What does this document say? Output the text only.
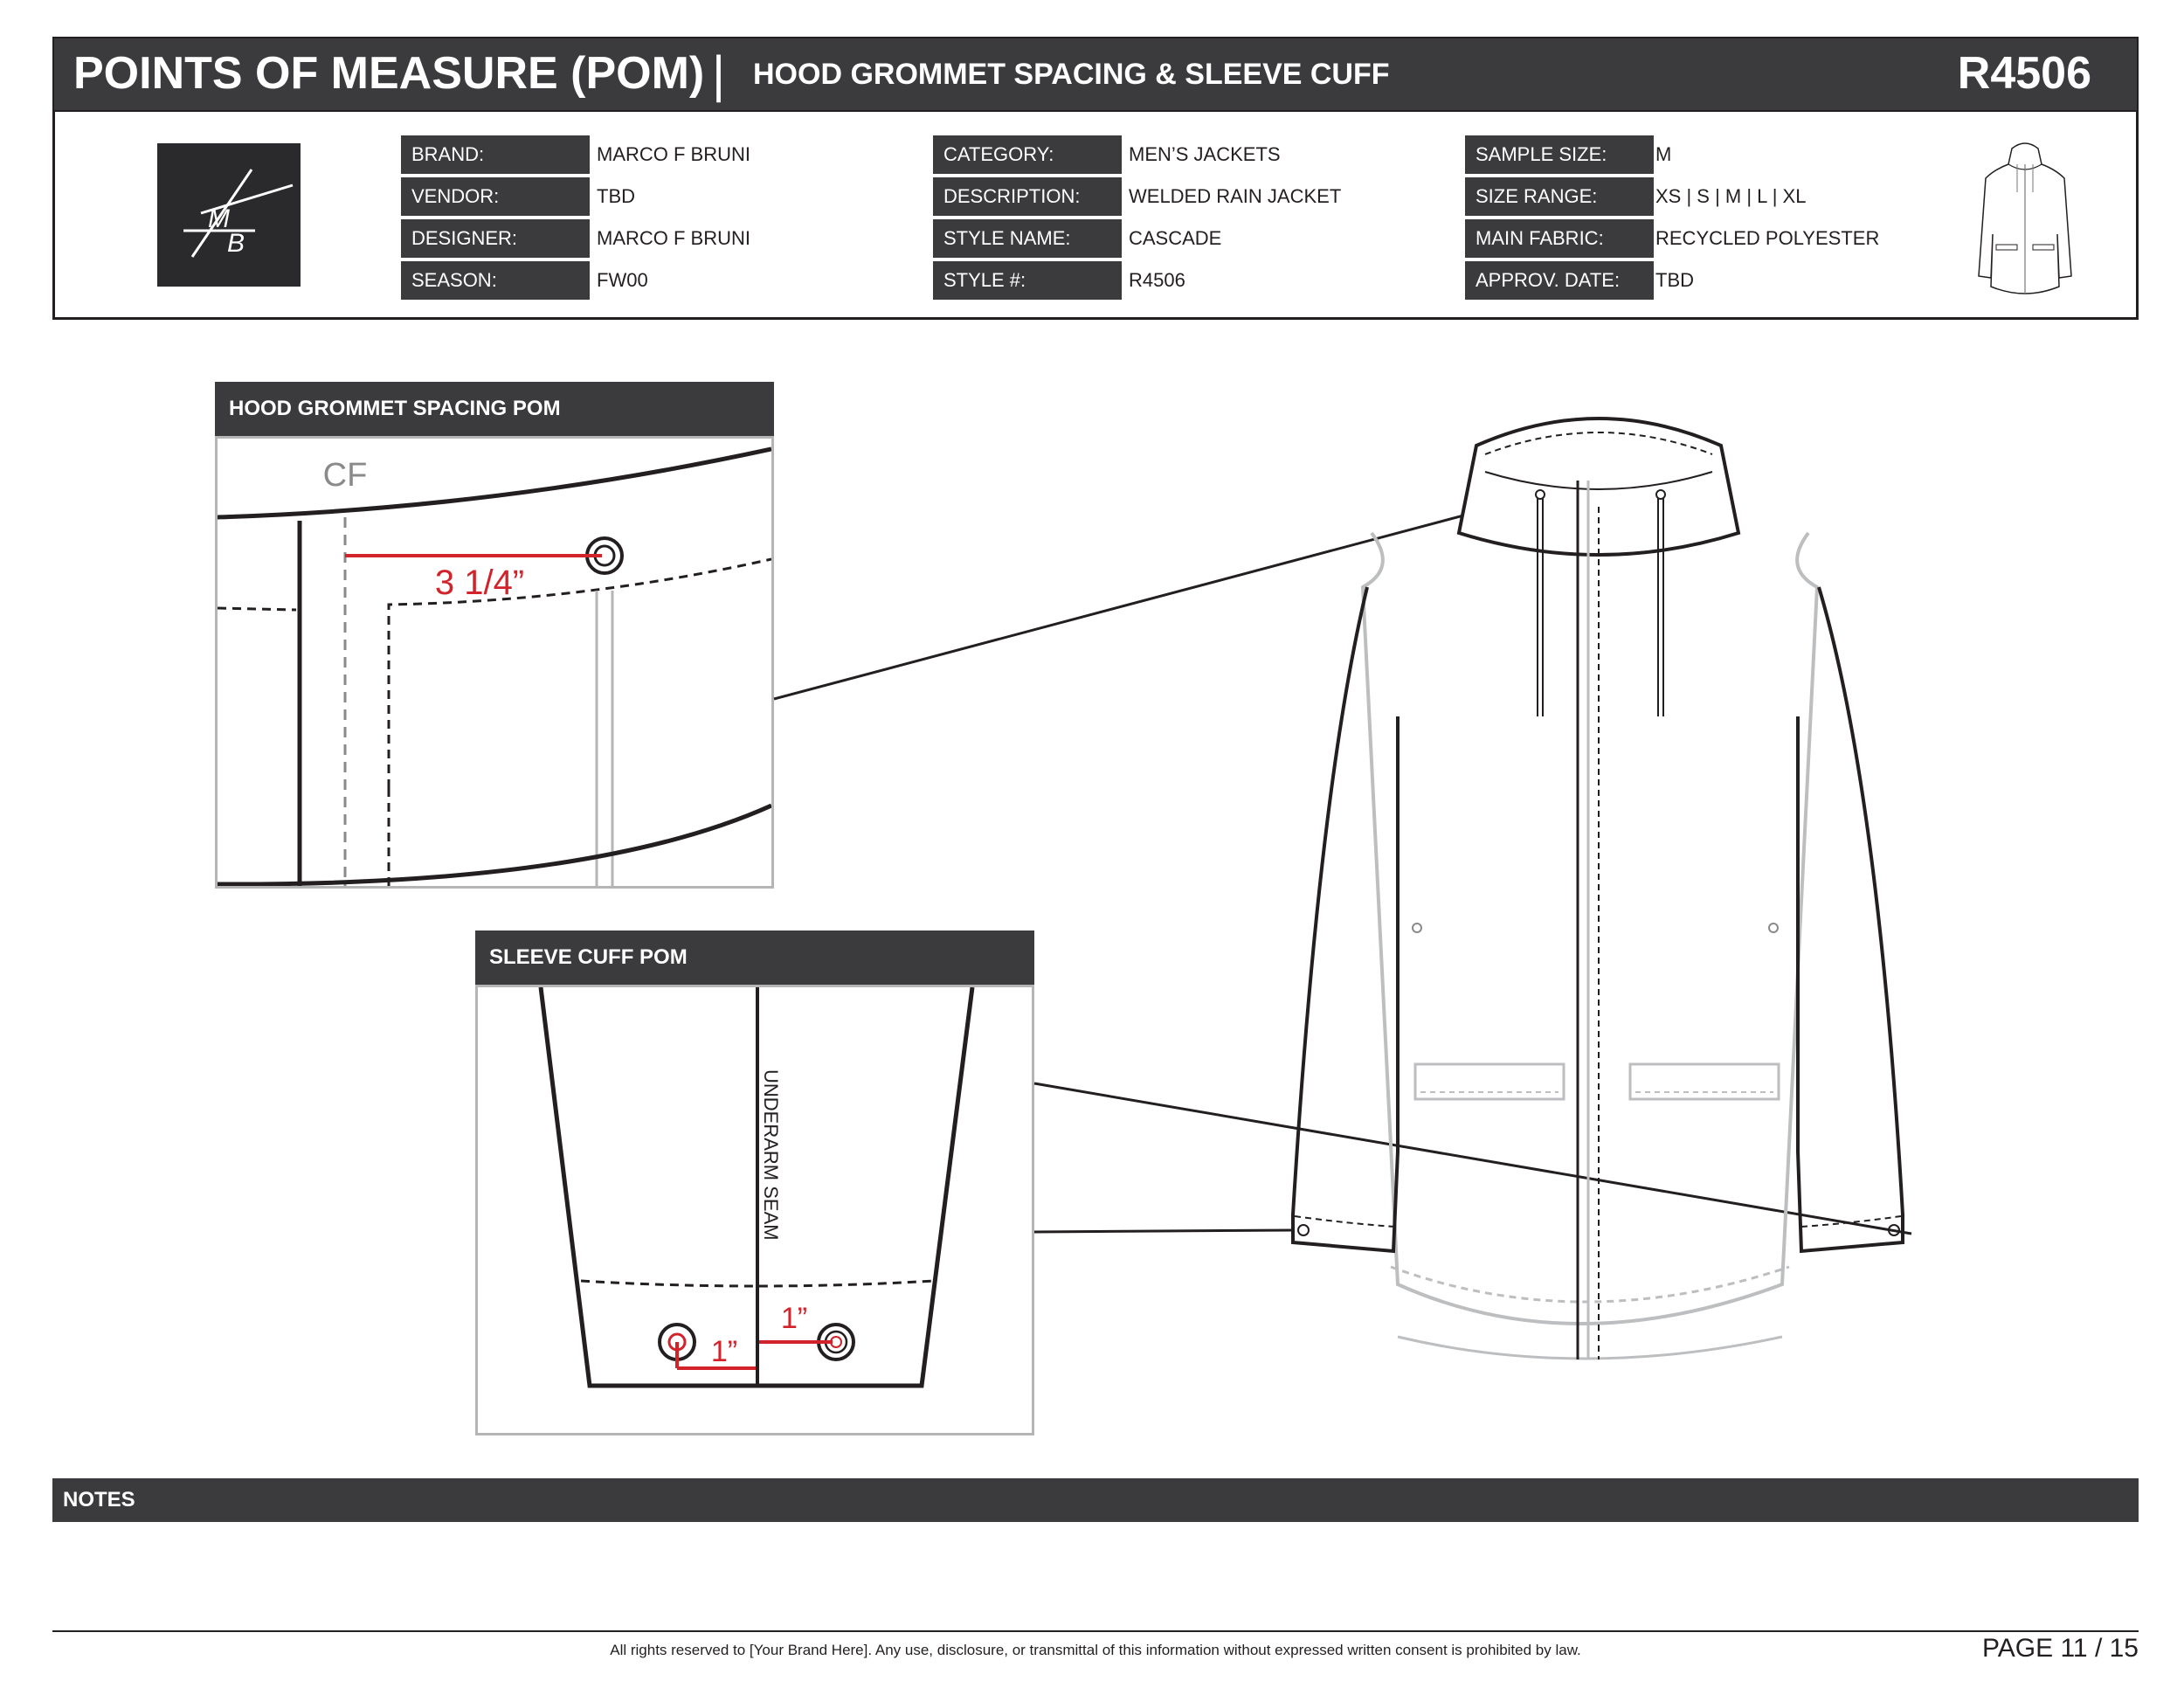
POINTS OF MEASURE (POM) | HOOD GROMMET SPACING & SLEEVE CUFF	R4506
M
B
BRAND:	MARCO F BRUNI
VENDOR:	TBD
DESIGNER:	MARCO F BRUNI
SEASON:	FW00
CATEGORY:	MEN’S JACKETS
DESCRIPTION:	WELDED RAIN JACKET
STYLE NAME:	CASCADE
STYLE #:	R4506
SAMPLE SIZE:	M
SIZE RANGE:	XS | S | M | L | XL
MAIN FABRIC:	RECYCLED POLYESTER
APPROV. DATE:	TBD
HOOD GROMMET SPACING POM
CF
3 1/4”
SLEEVE CUFF POM
UNDERARM SEAM
1”
1”
NOTES
All rights reserved to [Your Brand Here]. Any use, disclosure, or transmittal of this information without expressed written consent is prohibited by law.	PAGE 11 / 15
